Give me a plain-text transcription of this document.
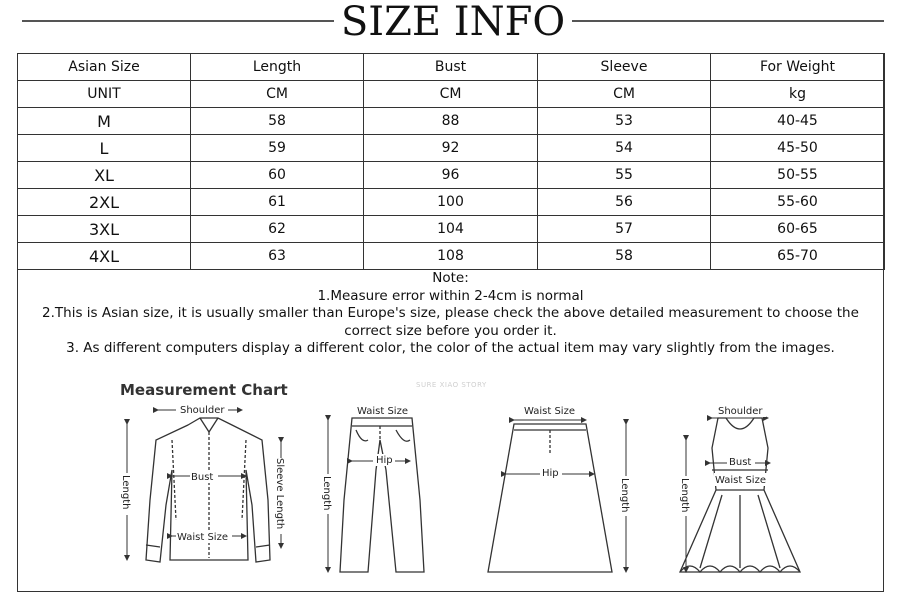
SIZE INFO
Asian Size	Length	Bust	Sleeve	For Weight
UNIT	CM	CM	CM	kg
M	58	88	53	40-45
L	59	92	54	45-50
XL	60	96	55	50-55
2XL	61	100	56	55-60
3XL	62	104	57	60-65
4XL	63	108	58	65-70
Note:
1.Measure error within 2-4cm is normal
2.This is Asian size, it is usually smaller than Europe's size, please check the above detailed measurement to choose the correct size before you order it.
3. As different computers display a different color, the color of the actual item may vary slightly from the images.
Measurement Chart	SURE XIAO STORY
Shoulder
Bust
Waist Size
Length	Sleeve Length
Waist Size
Hip
Length
Waist Size
Hip
Length
Shoulder
Bust
Waist Size
Length
